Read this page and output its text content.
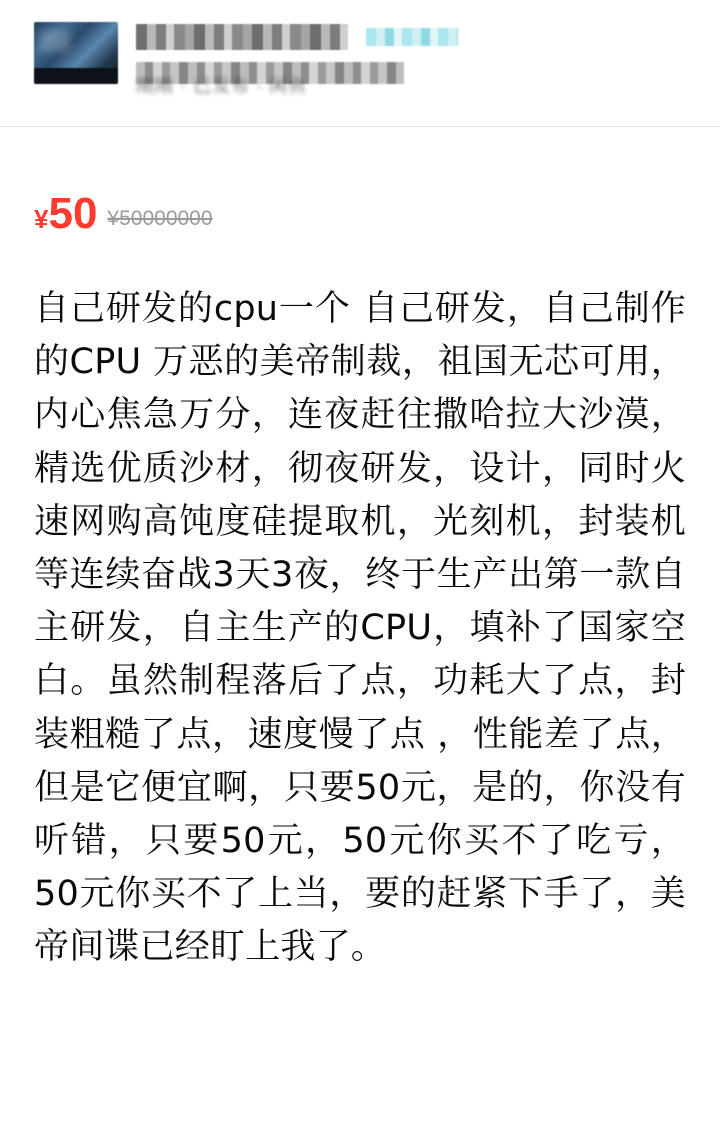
刚刚 · 已发布 · 闲鱼
¥ 50 ¥50000000
自己研发的cpu一个 自己研发，自己制作的CPU 万恶的美帝制裁，祖国无芯可用，内心焦急万分，连夜赶往撒哈拉大沙漠，精选优质沙材，彻夜研发，设计，同时火速网购高饨度硅提取机，光刻机，封装机等连续奋战3天3夜，终于生产出第一款自主研发，自主生产的CPU，填补了国家空白。虽然制程落后了点，功耗大了点，封装粗糙了点，速度慢了点 ，性能差了点，但是它便宜啊，只要50元，是的，你没有听错，只要50元，50元你买不了吃亏，50元你买不了上当，要的赶紧下手了，美帝间谍已经盯上我了。
